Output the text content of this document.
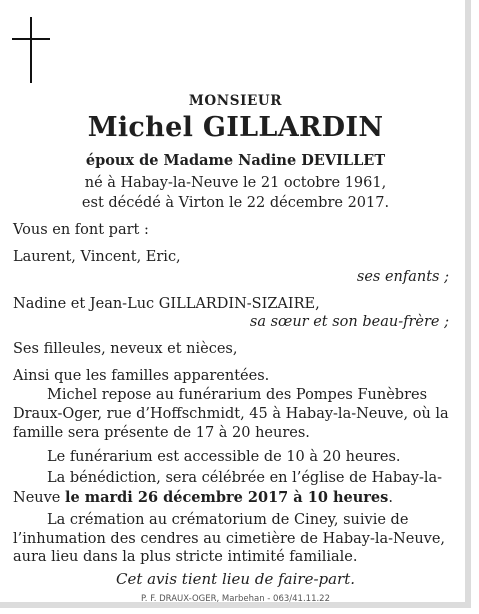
MONSIEUR
Michel GILLARDIN
époux de Madame Nadine DEVILLET
né à Habay-la-Neuve le 21 octobre 1961,
est décédé à Virton le 22 décembre 2017.
Vous en font part :
Laurent, Vincent, Eric,
ses enfants ;
Nadine et Jean-Luc GILLARDIN-SIZAIRE,
sa sœur et son beau-frère ;
Ses filleules, neveux et nièces,
Ainsi que les familles apparentées.
Michel repose au funérarium des Pompes Funèbres
Draux-Oger, rue d’Hoffschmidt, 45 à Habay-la-Neuve, où la
famille sera présente de 17 à 20 heures.
Le funérarium est accessible de 10 à 20 heures.
La bénédiction, sera célébrée en l’église de Habay-la-
Neuve le mardi 26 décembre 2017 à 10 heures.
La crémation au crématorium de Ciney, suivie de
l’inhumation des cendres au cimetière de Habay-la-Neuve,
aura lieu dans la plus stricte intimité familiale.
Cet avis tient lieu de faire-part.
P. F. DRAUX-OGER, Marbehan - 063/41.11.22
